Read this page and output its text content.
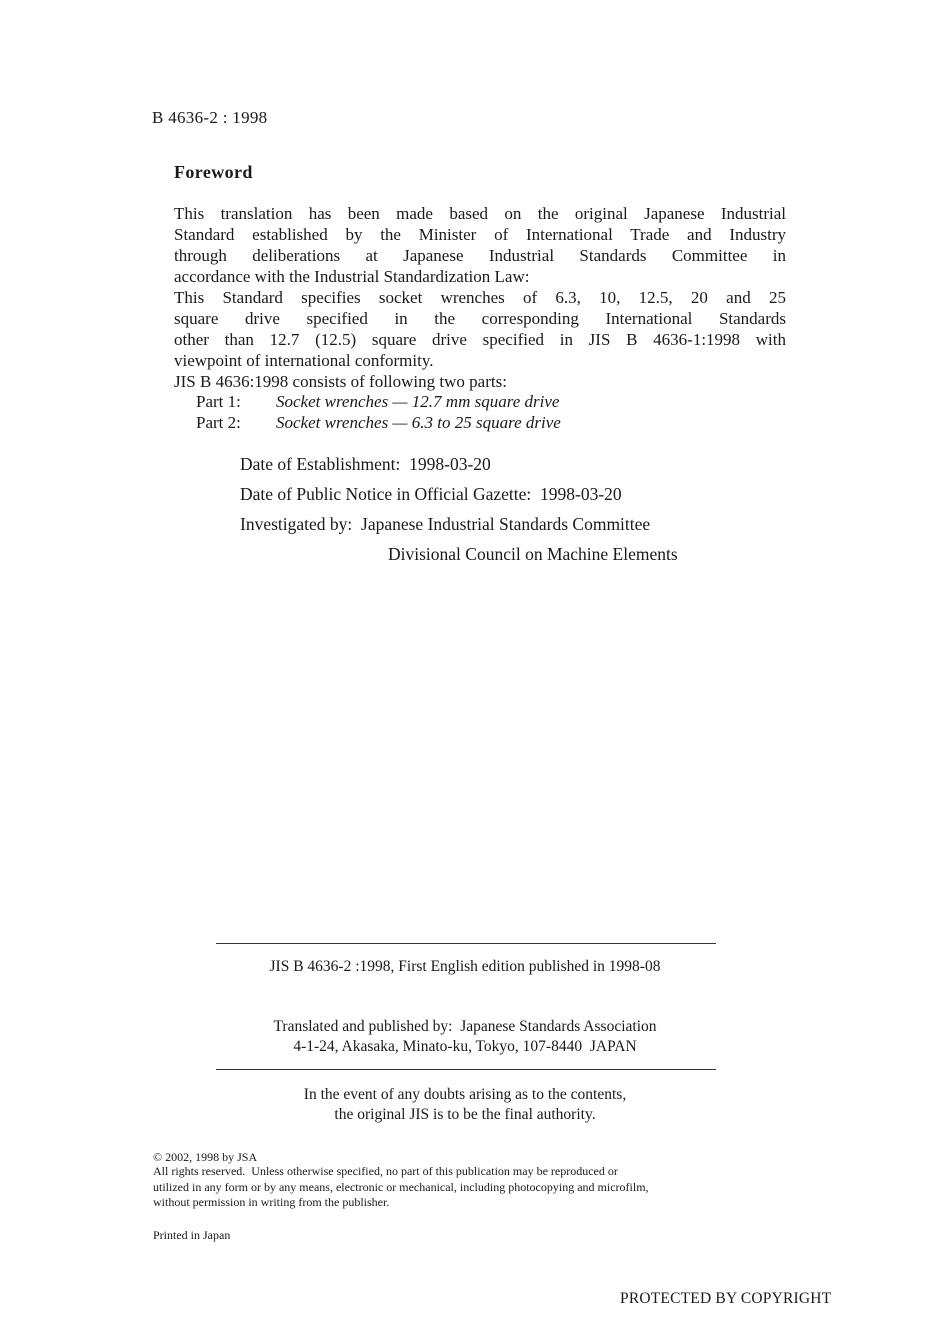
B 4636-2 : 1998
Foreword
This translation has been made based on the original Japanese Industrial
Standard established by the Minister of International Trade and Industry
through deliberations at Japanese Industrial Standards Committee in
accordance with the Industrial Standardization Law:
This Standard specifies socket wrenches of 6.3, 10, 12.5, 20 and 25
square drive specified in the corresponding International Standards
other than 12.7 (12.5) square drive specified in JIS B 4636-1:1998 with
viewpoint of international conformity.
JIS B 4636:1998 consists of following two parts:
Part 1: Socket wrenches — 12.7 mm square drive
Part 2: Socket wrenches — 6.3 to 25 square drive
Date of Establishment:  1998-03-20
Date of Public Notice in Official Gazette:  1998-03-20
Investigated by:  Japanese Industrial Standards Committee
Divisional Council on Machine Elements
JIS B 4636-2 :1998, First English edition published in 1998-08
Translated and published by:  Japanese Standards Association
4-1-24, Akasaka, Minato-ku, Tokyo, 107-8440  JAPAN
In the event of any doubts arising as to the contents,
the original JIS is to be the final authority.
© 2002, 1998 by JSA
All rights reserved.  Unless otherwise specified, no part of this publication may be reproduced or
utilized in any form or by any means, electronic or mechanical, including photocopying and microfilm,
without permission in writing from the publisher.
Printed in Japan
PROTECTED BY COPYRIGHT
